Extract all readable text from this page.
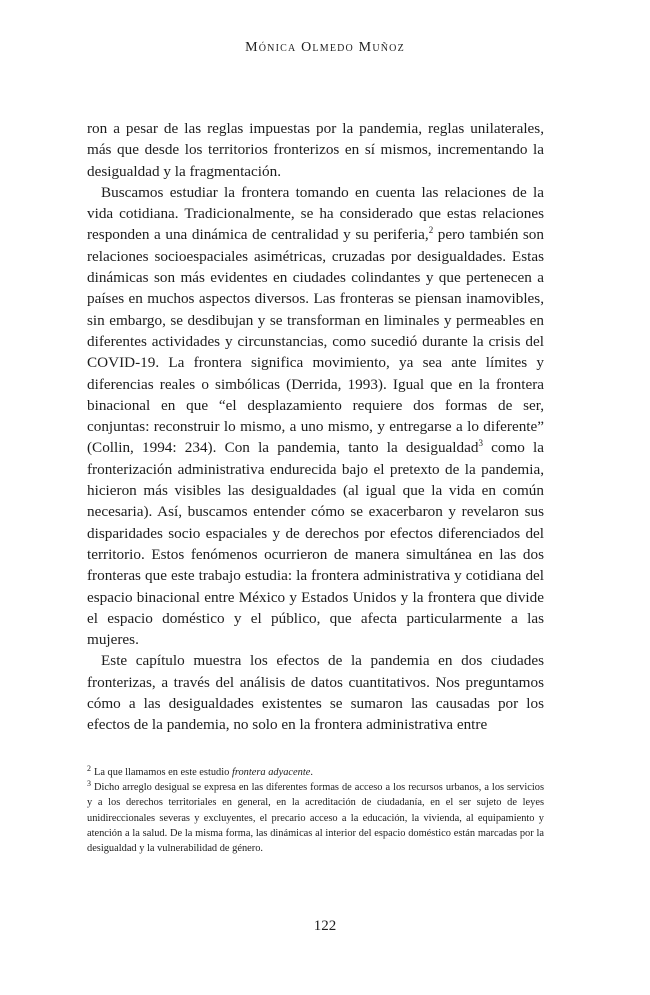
Mónica Olmedo Muñoz

ron a pesar de las reglas impuestas por la pandemia, reglas unilaterales, más que desde los territorios fronterizos en sí mismos, incrementando la desigualdad y la fragmentación.

Buscamos estudiar la frontera tomando en cuenta las relaciones de la vida cotidiana. Tradicionalmente, se ha considerado que estas relaciones responden a una dinámica de centralidad y su periferia,$^2$ pero también son relaciones socioespaciales asimétricas, cruzadas por desigualdades. Estas dinámicas son más evidentes en ciudades colindantes y que pertenecen a países en muchos aspectos diversos. Las fronteras se piensan inamovibles, sin embargo, se desdibujan y se transforman en liminales y permeables en diferentes actividades y circunstancias, como sucedió durante la crisis del COVID-19. La frontera significa movimiento, ya sea ante límites y diferencias reales o simbólicas (Derrida, 1993). Igual que en la frontera binacional en que “el desplazamiento requiere dos formas de ser, conjuntas: reconstruir lo mismo, a uno mismo, y entregarse a lo diferente” (Collin, 1994: 234). Con la pandemia, tanto la desigualdad$^3$ como la fronterización administrativa endurecida bajo el pretexto de la pandemia, hicieron más visibles las desigualdades (al igual que la vida en común necesaria). Así, buscamos entender cómo se exacerbaron y revelaron sus disparidades socio espaciales y de derechos por efectos diferenciados del territorio. Estos fenómenos ocurrieron de manera simultánea en las dos fronteras que este trabajo estudia: la frontera administrativa y cotidiana del espacio binacional entre México y Estados Unidos y la frontera que divide el espacio doméstico y el público, que afecta particularmente a las mujeres.

Este capítulo muestra los efectos de la pandemia en dos ciudades fronterizas, a través del análisis de datos cuantitativos. Nos preguntamos cómo a las desigualdades existentes se sumaron las causadas por los efectos de la pandemia, no solo en la frontera administrativa entre

$^2$ La que llamamos en este estudio frontera adyacente.

$^3$ Dicho arreglo desigual se expresa en las diferentes formas de acceso a los recursos urbanos, a los servicios y a los derechos territoriales en general, en la acreditación de ciudadanía, en el ser sujeto de leyes unidireccionales severas y excluyentes, el precario acceso a la educación, la vivienda, al equipamiento y atención a la salud. De la misma forma, las dinámicas al interior del espacio doméstico están marcadas por la desigualdad y la vulnerabilidad de género.

122
